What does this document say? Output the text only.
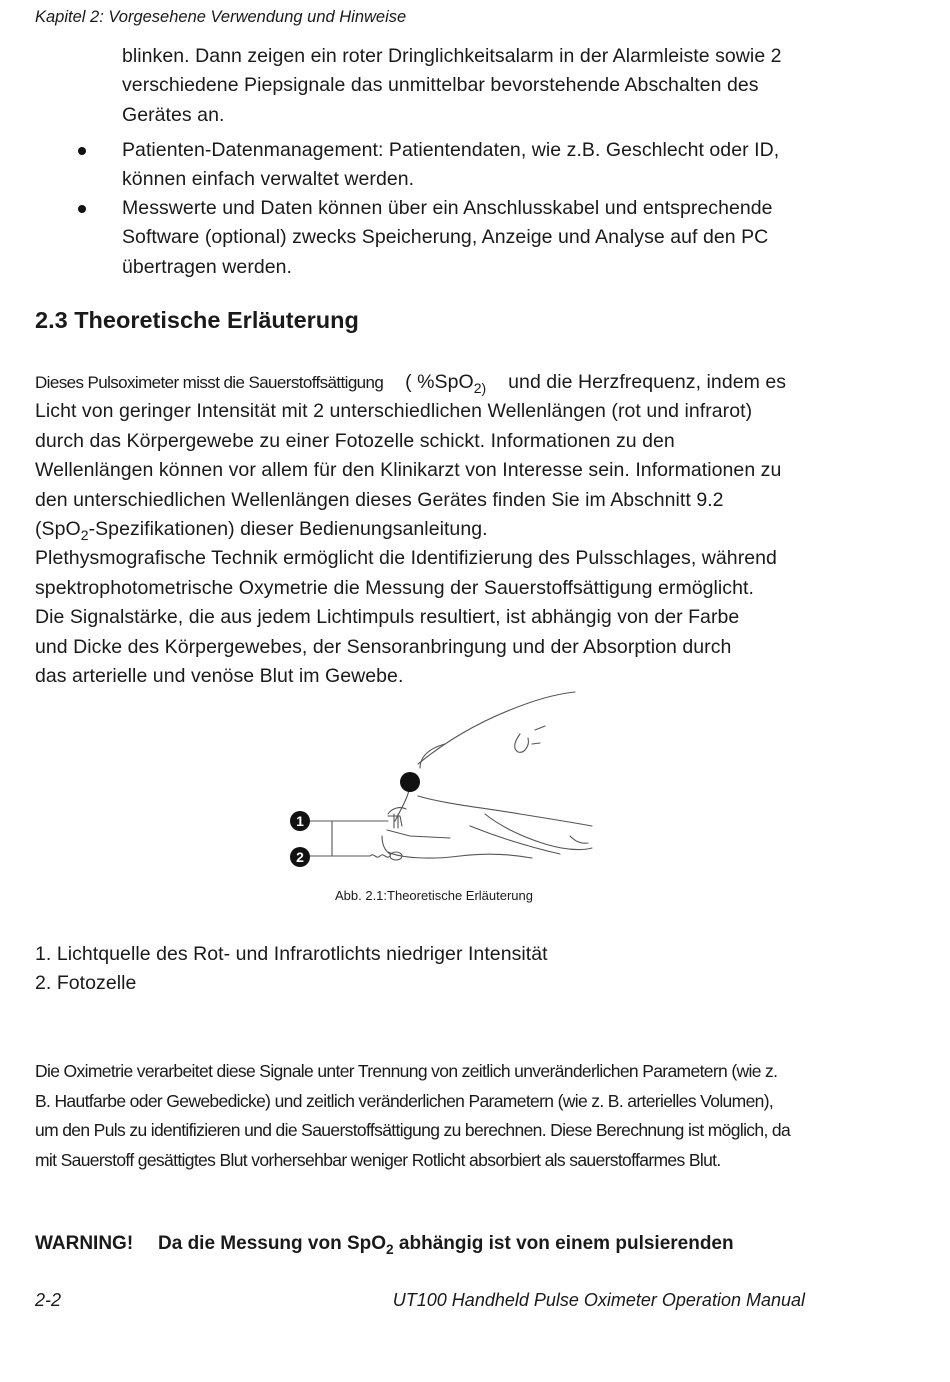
Kapitel 2: Vorgesehene Verwendung und Hinweise
blinken. Dann zeigen ein roter Dringlichkeitsalarm in der Alarmleiste sowie 2
verschiedene Piepsignale das unmittelbar bevorstehende Abschalten des
Gerätes an.
Patienten-Datenmanagement: Patientendaten, wie z.B. Geschlecht oder ID,
können einfach verwaltet werden.
Messwerte und Daten können über ein Anschlusskabel und entsprechende
Software (optional) zwecks Speicherung, Anzeige und Analyse auf den PC
übertragen werden.
2.3 Theoretische Erläuterung
Dieses Pulsoximeter misst die Sauerstoffsättigung ( %SpO$_{2)}$ und die Herzfrequenz, indem es
Licht von geringer Intensität mit 2 unterschiedlichen Wellenlängen (rot und infrarot)
durch das Körpergewebe zu einer Fotozelle schickt. Informationen zu den
Wellenlängen können vor allem für den Klinikarzt von Interesse sein. Informationen zu
den unterschiedlichen Wellenlängen dieses Gerätes finden Sie im Abschnitt 9.2
(SpO$_2$-Spezifikationen) dieser Bedienungsanleitung.
Plethysmografische Technik ermöglicht die Identifizierung des Pulsschlages, während
spektrophotometrische Oxymetrie die Messung der Sauerstoffsättigung ermöglicht.
Die Signalstärke, die aus jedem Lichtimpuls resultiert, ist abhängig von der Farbe
und Dicke des Körpergewebes, der Sensoranbringung und der Absorption durch
das arterielle und venöse Blut im Gewebe.
1
2
Abb. 2.1:Theoretische Erläuterung
1. Lichtquelle des Rot- und Infrarotlichts niedriger Intensität
2. Fotozelle
Die Oximetrie verarbeitet diese Signale unter Trennung von zeitlich unveränderlichen Parametern (wie z.
B. Hautfarbe oder Gewebedicke) und zeitlich veränderlichen Parametern (wie z. B. arterielles Volumen),
um den Puls zu identifizieren und die Sauerstoffsättigung zu berechnen. Diese Berechnung ist möglich, da
mit Sauerstoff gesättigtes Blut vorhersehbar weniger Rotlicht absorbiert als sauerstoffarmes Blut.
WARNING! Da die Messung von SpO$_2$ abhängig ist von einem pulsierenden
2-2	UT100 Handheld Pulse Oximeter Operation Manual
